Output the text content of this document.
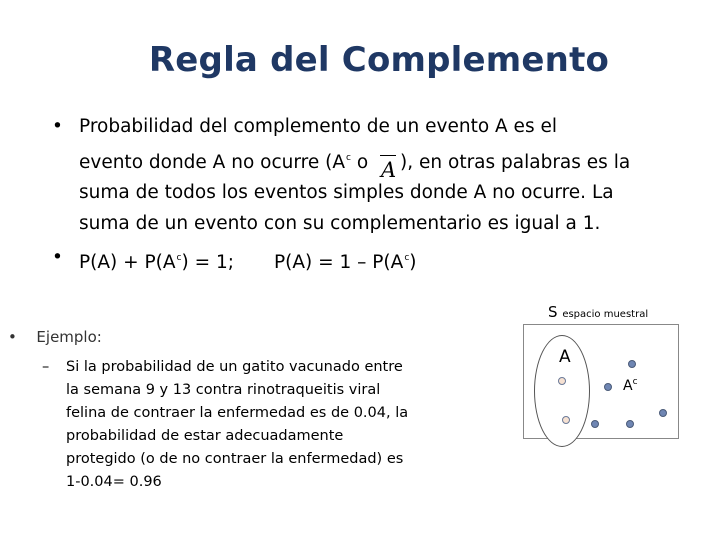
Regla del Complemento
• Probabilidad del complemento de un evento A es el
evento donde A no ocurre ($A^c$ o A ), en otras palabras es la
suma de todos los eventos simples donde A no ocurre. La
suma de un evento con su complementario es igual a 1.
• $P(A) + P(A^c) = 1$; $P(A) = 1 - P(A^c)$
• Ejemplo:
– Si la probabilidad de un gatito vacunado entre
la semana 9 y 13 contra rinotraqueitis viral
felina de contraer la enfermedad es de 0.04, la
probabilidad de estar adecuadamente
protegido (o de no contraer la enfermedad) es
1-0.04= 0.96
S espacio muestral
A
$A^c$
